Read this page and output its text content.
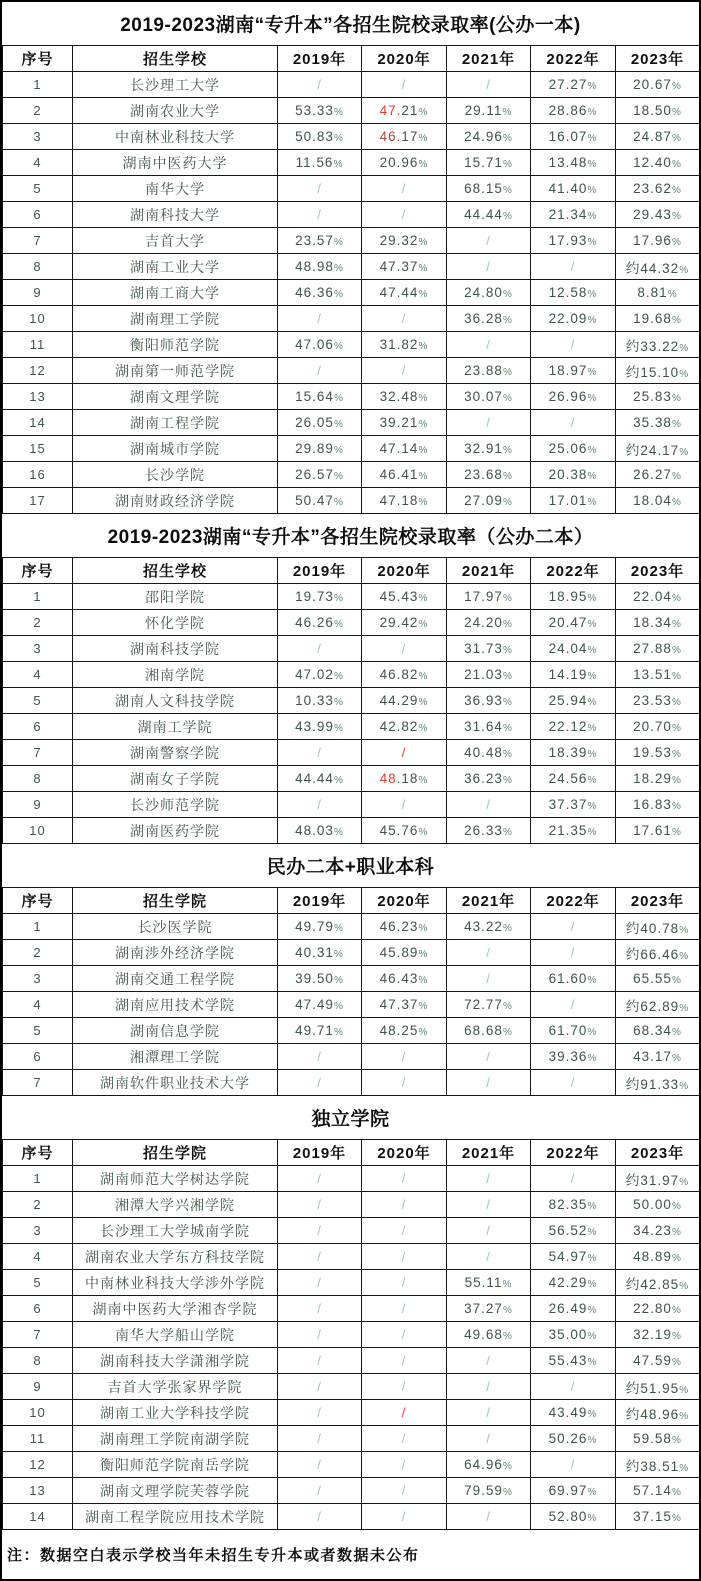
2019-2023湖南“专升本”各招生院校录取率(公办一本)
序号	招生学校	2019年	2020年	2021年	2022年	2023年
1	长沙理工大学	/	/	/	27.27%	20.67%
2	湖南农业大学	53.33%	47.21%	29.11%	28.86%	18.50%
3	中南林业科技大学	50.83%	46.17%	24.96%	16.07%	24.87%
4	湖南中医药大学	11.56%	20.96%	15.71%	13.48%	12.40%
5	南华大学	/	/	68.15%	41.40%	23.62%
6	湖南科技大学	/	/	44.44%	21.34%	29.43%
7	吉首大学	23.57%	29.32%	/	17.93%	17.96%
8	湖南工业大学	48.98%	47.37%	/	/	约44.32%
9	湖南工商大学	46.36%	47.44%	24.80%	12.58%	8.81%
10	湖南理工学院	/	/	36.28%	22.09%	19.68%
11	衡阳师范学院	47.06%	31.82%	/	/	约33.22%
12	湖南第一师范学院	/	/	23.88%	18.97%	约15.10%
13	湖南文理学院	15.64%	32.48%	30.07%	26.96%	25.83%
14	湖南工程学院	26.05%	39.21%	/	/	35.38%
15	湖南城市学院	29.89%	47.14%	32.91%	25.06%	约24.17%
16	长沙学院	26.57%	46.41%	23.68%	20.38%	26.27%
17	湖南财政经济学院	50.47%	47.18%	27.09%	17.01%	18.04%
2019-2023湖南“专升本”各招生院校录取率（公办二本）
序号	招生学校	2019年	2020年	2021年	2022年	2023年
1	邵阳学院	19.73%	45.43%	17.97%	18.95%	22.04%
2	怀化学院	46.26%	29.42%	24.20%	20.47%	18.34%
3	湖南科技学院	/	/	31.73%	24.04%	27.88%
4	湘南学院	47.02%	46.82%	21.03%	14.19%	13.51%
5	湖南人文科技学院	10.33%	44.29%	36.93%	25.94%	23.53%
6	湖南工学院	43.99%	42.82%	31.64%	22.12%	20.70%
7	湖南警察学院	/	/	40.48%	18.39%	19.53%
8	湖南女子学院	44.44%	48.18%	36.23%	24.56%	18.29%
9	长沙师范学院	/	/	/	37.37%	16.83%
10	湖南医药学院	48.03%	45.76%	26.33%	21.35%	17.61%
民办二本+职业本科
序号	招生学院	2019年	2020年	2021年	2022年	2023年
1	长沙医学院	49.79%	46.23%	43.22%	/	约40.78%
2	湖南涉外经济学院	40.31%	45.89%	/	/	约66.46%
3	湖南交通工程学院	39.50%	46.43%	/	61.60%	65.55%
4	湖南应用技术学院	47.49%	47.37%	72.77%	/	约62.89%
5	湖南信息学院	49.71%	48.25%	68.68%	61.70%	68.34%
6	湘潭理工学院	/	/	/	39.36%	43.17%
7	湖南软件职业技术大学	/	/	/	/	约91.33%
独立学院
序号	招生学院	2019年	2020年	2021年	2022年	2023年
1	湖南师范大学树达学院	/	/	/	/	约31.97%
2	湘潭大学兴湘学院	/	/	/	82.35%	50.00%
3	长沙理工大学城南学院	/	/	/	56.52%	34.23%
4	湖南农业大学东方科技学院	/	/	/	54.97%	48.89%
5	中南林业科技大学涉外学院	/	/	55.11%	42.29%	约42.85%
6	湖南中医药大学湘杏学院	/	/	37.27%	26.49%	22.80%
7	南华大学船山学院	/	/	49.68%	35.00%	32.19%
8	湖南科技大学潇湘学院	/	/	/	55.43%	47.59%
9	吉首大学张家界学院	/	/	/	/	约51.95%
10	湖南工业大学科技学院	/	/	/	43.49%	约48.96%
11	湖南理工学院南湖学院	/	/	/	50.26%	59.58%
12	衡阳师范学院南岳学院	/	/	64.96%	/	约38.51%
13	湖南文理学院芙蓉学院	/	/	79.59%	69.97%	57.14%
14	湖南工程学院应用技术学院	/	/	/	52.80%	37.15%
注：数据空白表示学校当年未招生专升本或者数据未公布
